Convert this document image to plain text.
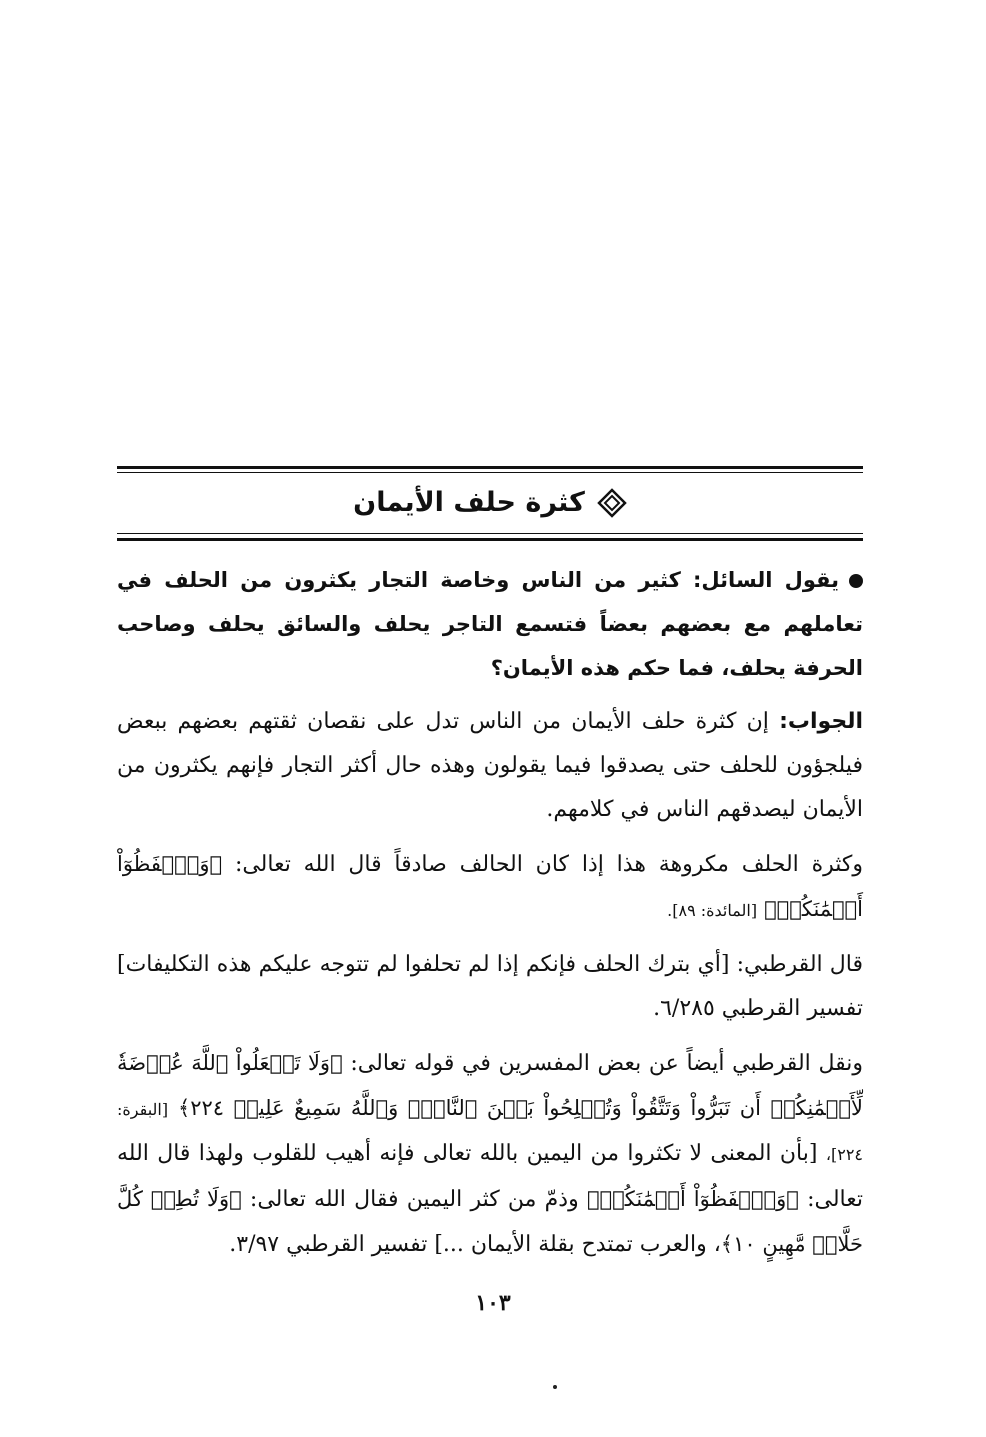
كثرة حلف الأيمان

يقول السائل: كثير من الناس وخاصة التجار يكثرون من الحلف في تعاملهم مع بعضهم بعضاً فتسمع التاجر يحلف والسائق يحلف وصاحب الحرفة يحلف، فما حكم هذه الأيمان؟

الجواب: إن كثرة حلف الأيمان من الناس تدل على نقصان ثقتهم بعضهم ببعض فيلجؤون للحلف حتى يصدقوا فيما يقولون وهذه حال أكثر التجار فإنهم يكثرون من الأيمان ليصدقهم الناس في كلامهم.

وكثرة الحلف مكروهة هذا إذا كان الحالف صادقاً قال الله تعالى: ﴿وَٱحۡفَظُوٓاْ أَيۡمَٰنَكُمۡ﴾ [المائدة: ٨٩].

قال القرطبي: [أي بترك الحلف فإنكم إذا لم تحلفوا لم تتوجه عليكم هذه التكليفات] تفسير القرطبي ٦/٢٨٥.

ونقل القرطبي أيضاً عن بعض المفسرين في قوله تعالى: ﴿وَلَا تَجۡعَلُواْ ٱللَّهَ عُرۡضَةٗ لِّأَيۡمَٰنِكُمۡ أَن تَبَرُّواْ وَتَتَّقُواْ وَتُصۡلِحُواْ بَيۡنَ ٱلنَّاسِۚ وَٱللَّهُ سَمِيعٌ عَلِيمٞ ٢٢٤﴾ [البقرة: ٢٢٤]، [بأن المعنى لا تكثروا من اليمين بالله تعالى فإنه أهيب للقلوب ولهذا قال الله تعالى: ﴿وَٱحۡفَظُوٓاْ أَيۡمَٰنَكُمۡ﴾ وذمّ من كثر اليمين فقال الله تعالى: ﴿وَلَا تُطِعۡ كُلَّ حَلَّافٖ مَّهِينٍ ١٠﴾، والعرب تمتدح بقلة الأيمان ...] تفسير القرطبي ٣/٩٧.

١٠٣
